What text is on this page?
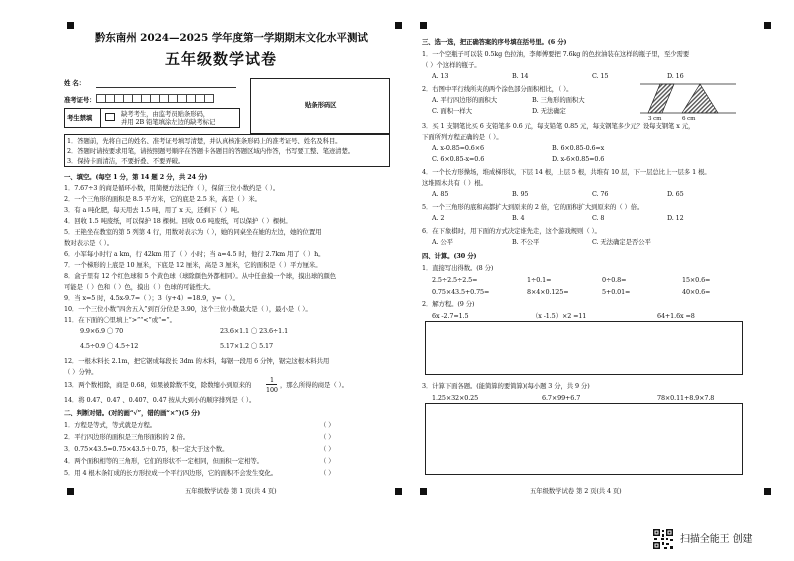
黔东南州 2024—2025 学年度第一学期期末文化水平测试
五年级数学试卷
姓 名：
准考证号：
贴条形码区
考生禁填	缺考考生，由监考员贴条形码，
并用 2B 铅笔填涂左边的缺考标记
1．答题前，先将自己的姓名、准考证号填写清楚，并认真核准条形码上的准考证号、姓名及科目。
2．答题时请按要求用笔，请按照题号顺序在答题卡各题目的答题区域内作答，书写要工整、笔迹清楚。
3．保持卡面清洁，不要折叠、不要弄破。
一、填空。(每空 1 分，第 14 题 2 分，共 24 分)
1．7.67÷3 的商是循环小数，用简便方法记作（ ），保留三位小数约是（ ）。
2．一个三角形的面积是 8.5 平方米，它的底是 2.5 米，高是（ ）米。
3．有 a 吨化肥，每天用去 1.5 吨，用了 x 天，还剩下（ ）吨。
4．回收 1.5 吨废纸，可以保护 18 棵树。回收 0.6 吨废纸，可以保护（ ）棵树。
5．王艳坐在教室的第 5 列第 4 行，用数对表示为（ ），她的同桌坐在她的左边，她的位置用
数对表示是（ ）。
6．小军每小时行 a km，行 42km 用了（ ）小时；当 a=4.5 时，他行 2.7km 用了（ ）h。
7．一个梯形的上底是 10 厘米，下底是 12 厘米，高是 3 厘米，它的面积是（ ）平方厘米。
8．盒子里有 12 个红色球和 5 个黄色球（球除颜色外都相同）。从中任意摸一个球，摸出球的颜色
可能是（ ）色和（ ）色，摸出（ ）色球的可能性大。
9．当 x=5 时，4.5x-9.7=（ ）；3（y+4）=18.9，y=（ ）。
10．一个三位小数“四舍五入”到百分位是 3.90，这个三位小数最大是（ ），最小是（ ）。
11．在下面的〇里填上“>”“<”或“=”。
9.9×6.9 〇 70	23.6×1.1 〇 23.6÷1.1
4.5÷0.9 〇 4.5÷12	5.17×1.2 〇 5.17
12．一根木料长 2.1m，把它锯成每段长 3dm 的木料，每锯一段用 6 分钟，锯完这根木料共用
（ ）分钟。
13．两个数相除，商是 0.68，如果被除数不变，除数缩小到原来的
1
100
，那么所得的商是（ ）。
14．将 0.47、0.47̇ 、0.407、0.4̇7̇ 按从大到小的顺序排列是（ ）。
二、判断对错。(对的画“√”，错的画“×”)(5 分)
1．方程是等式，等式就是方程。
2．平行四边形的面积是三角形面积的 2 倍。
3．0.75×43.5=0.75×43.5＋0.75，积一定大于这个数。
4．两个面积相等的三角形，它们的形状不一定相同，但面积一定相等。
5．用 4 根木条钉成的长方形拉成一个平行四边形，它的面积不会发生变化。
（ ）
（ ）
（ ）
（ ）
（ ）
五年级数学试卷 第 1 页(共 4 页)
三、选一选，把正确答案的序号填在括号里。(6 分)
1．一个空瓶子可以装 0.5kg 色拉油，李师傅要把 7.6kg 的色拉油装在这样的瓶子里，至少需要
（ ）个这样的瓶子。
A. 13	B. 14	C. 15	D. 16
2．右图中平行线所夹的两个涂色部分面积相比，（ ）。
A. 平行四边形的面积大	B. 三角形的面积大
C. 面积一样大	D. 无法确定
3 cm	6 cm
3．买 1 支钢笔比买 6 支铅笔多 0.6 元，每支铅笔 0.85 元，每支钢笔多少元？设每支钢笔 x 元，
下面所列方程正确的是（ ）。
A. x-0.85=0.6×6	B. 6×0.85-0.6=x
C. 6×0.85-x=0.6	D. x-6×0.85=0.6
4．一个长方形操场，堆成梯形状，下层 14 根，上层 5 根，共堆有 10 层，下一层总比上一层多 1 根。
这堆圆木共有（ ）根。
A. 85	B. 95	C. 76	D. 65
5．一个三角形的底和高都扩大到原来的 2 倍，它的面积扩大到原来的（ ）倍。
A. 2	B. 4	C. 8	D. 12
6．在下象棋时，用下面的方式决定谁先走，这个游戏规则（ ）。
A. 公平	B. 不公平	C. 无法确定是否公平
四、计算。(30 分)
1．直接写出得数。(8 分)
2.5÷2.5÷2.5=	1÷0.1=	0÷0.8=	15×0.6=
0.75×43.5+0.75=	8×4×0.125=	5+0.01=	40×0.6=
2．解方程。(9 分)
6x -2.7=1.5	（x -1.5）×2 =11	64+1.6x =8
3．计算下面各题。(能简算的要简算)(每小题 3 分，共 9 分)
1.25×32×0.25	6.7×99+6.7	78×0.11+8.9×7.8
五年级数学试卷 第 2 页(共 4 页)
扫描全能王 创建
